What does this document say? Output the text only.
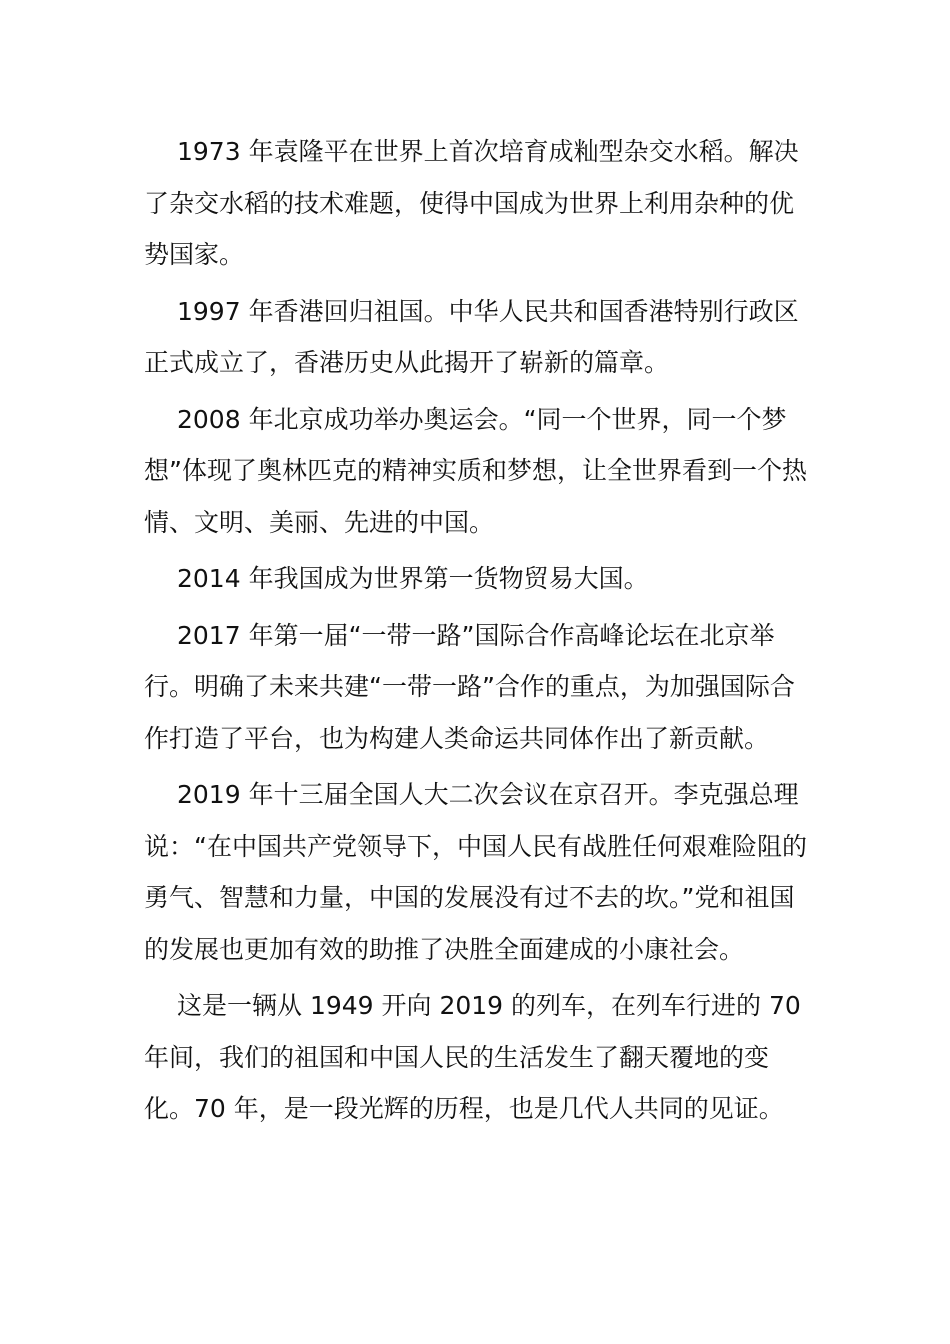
1973 年袁隆平在世界上首次培育成籼型杂交水稻。解决了杂交水稻的技术难题，使得中国成为世界上利用杂种的优势国家。

1997 年香港回归祖国。中华人民共和国香港特别行政区正式成立了，香港历史从此揭开了崭新的篇章。

2008 年北京成功举办奥运会。“同一个世界，同一个梦想”体现了奥林匹克的精神实质和梦想，让全世界看到一个热情、文明、美丽、先进的中国。

2014 年我国成为世界第一货物贸易大国。

2017 年第一届“一带一路”国际合作高峰论坛在北京举行。明确了未来共建“一带一路”合作的重点，为加强国际合作打造了平台，也为构建人类命运共同体作出了新贡献。

2019 年十三届全国人大二次会议在京召开。李克强总理说：“在中国共产党领导下，中国人民有战胜任何艰难险阻的勇气、智慧和力量，中国的发展没有过不去的坎。”党和祖国的发展也更加有效的助推了决胜全面建成的小康社会。

这是一辆从 1949 开向 2019 的列车，在列车行进的 70 年间，我们的祖国和中国人民的生活发生了翻天覆地的变化。70 年，是一段光辉的历程，也是几代人共同的见证。
